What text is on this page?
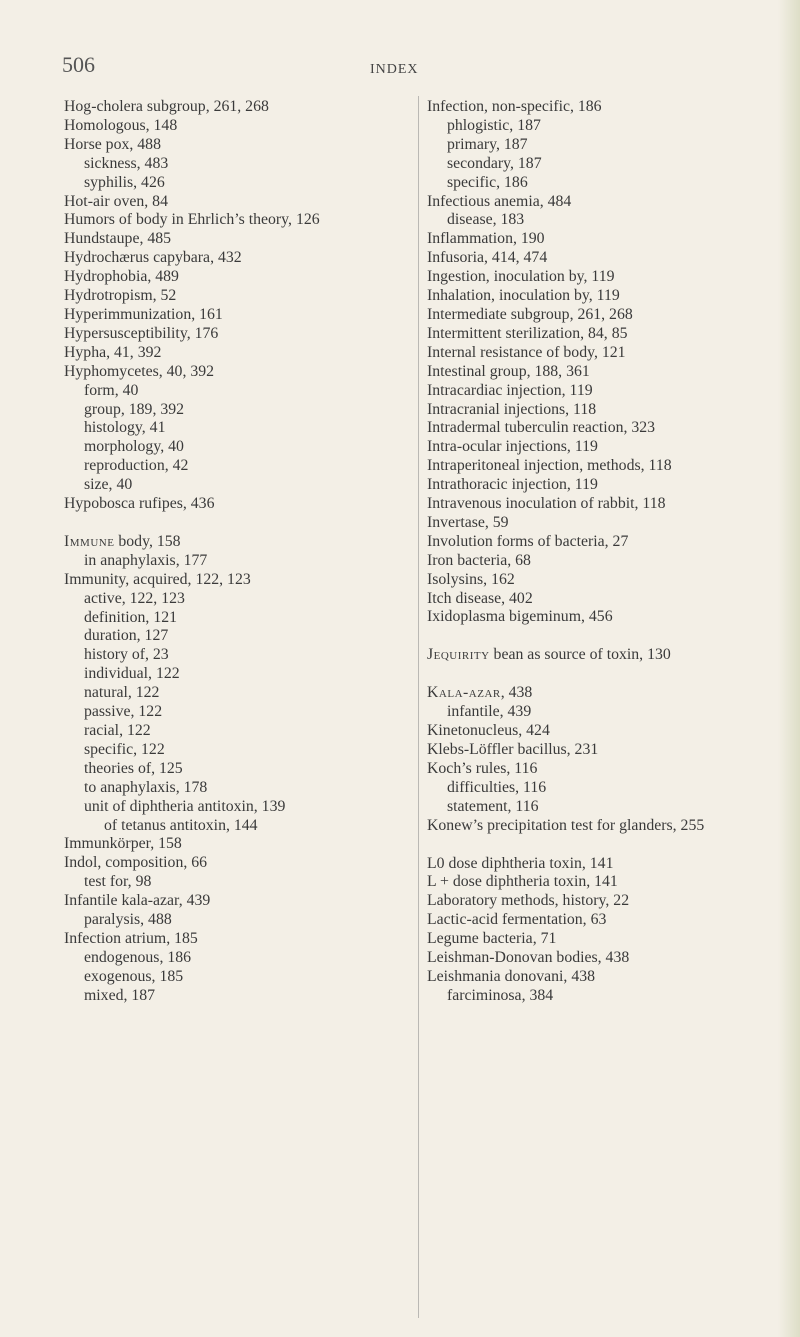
506	INDEX
Hog-cholera subgroup, 261, 268
Homologous, 148
Horse pox, 488
sickness, 483
syphilis, 426
Hot-air oven, 84
Humors of body in Ehrlich’s theory, 126
Hundstaupe, 485
Hydrochærus capybara, 432
Hydrophobia, 489
Hydrotropism, 52
Hyperimmunization, 161
Hypersusceptibility, 176
Hypha, 41, 392
Hyphomycetes, 40, 392
form, 40
group, 189, 392
histology, 41
morphology, 40
reproduction, 42
size, 40
Hypobosca rufipes, 436
Immune body, 158
in anaphylaxis, 177
Immunity, acquired, 122, 123
active, 122, 123
definition, 121
duration, 127
history of, 23
individual, 122
natural, 122
passive, 122
racial, 122
specific, 122
theories of, 125
to anaphylaxis, 178
unit of diphtheria antitoxin, 139
of tetanus antitoxin, 144
Immunkörper, 158
Indol, composition, 66
test for, 98
Infantile kala-azar, 439
paralysis, 488
Infection atrium, 185
endogenous, 186
exogenous, 185
mixed, 187
Infection, non-specific, 186
phlogistic, 187
primary, 187
secondary, 187
specific, 186
Infectious anemia, 484
disease, 183
Inflammation, 190
Infusoria, 414, 474
Ingestion, inoculation by, 119
Inhalation, inoculation by, 119
Intermediate subgroup, 261, 268
Intermittent sterilization, 84, 85
Internal resistance of body, 121
Intestinal group, 188, 361
Intracardiac injection, 119
Intracranial injections, 118
Intradermal tuberculin reaction, 323
Intra-ocular injections, 119
Intraperitoneal injection, methods, 118
Intrathoracic injection, 119
Intravenous inoculation of rabbit, 118
Invertase, 59
Involution forms of bacteria, 27
Iron bacteria, 68
Isolysins, 162
Itch disease, 402
Ixidoplasma bigeminum, 456
Jequirity bean as source of toxin, 130
Kala-azar, 438
infantile, 439
Kinetonucleus, 424
Klebs-Löffler bacillus, 231
Koch’s rules, 116
difficulties, 116
statement, 116
Konew’s precipitation test for glanders, 255
L0 dose diphtheria toxin, 141
L + dose diphtheria toxin, 141
Laboratory methods, history, 22
Lactic-acid fermentation, 63
Legume bacteria, 71
Leishman-Donovan bodies, 438
Leishmania donovani, 438
farciminosa, 384
